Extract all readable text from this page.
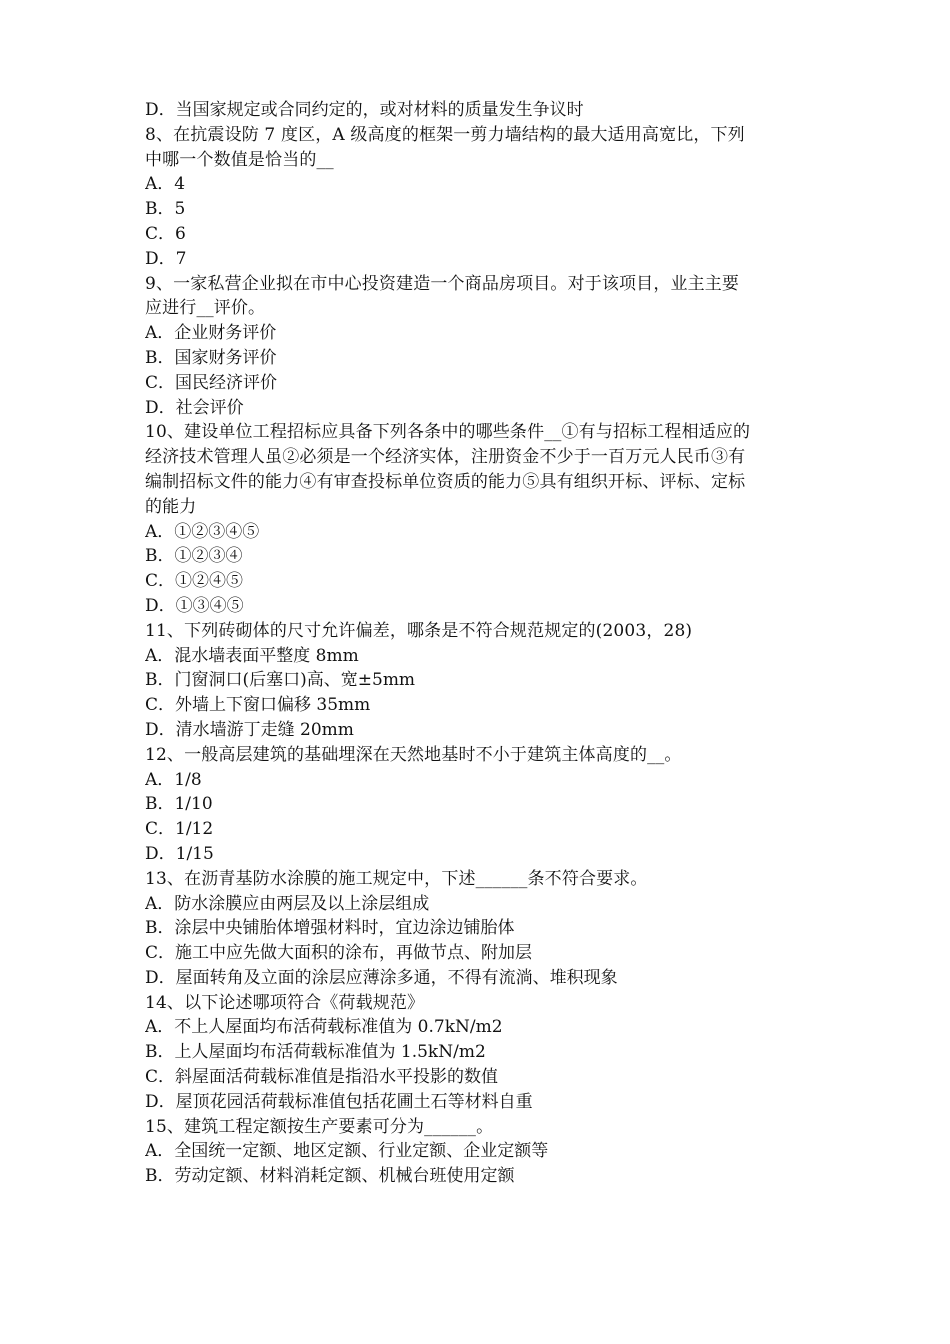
D．当国家规定或合同约定的，或对材料的质量发生争议时
8、在抗震设防 7 度区，A 级高度的框架一剪力墙结构的最大适用高宽比，下列
中哪一个数值是恰当的__
A．4
B．5
C．6
D．7
9、一家私营企业拟在市中心投资建造一个商品房项目。对于该项目，业主主要
应进行__评价。
A．企业财务评价
B．国家财务评价
C．国民经济评价
D．社会评价
10、建设单位工程招标应具备下列各条中的哪些条件__①有与招标工程相适应的
经济技术管理人虽②必须是一个经济实体，注册资金不少于一百万元人民币③有
编制招标文件的能力④有审查投标单位资质的能力⑤具有组织开标、评标、定标
的能力
A．①②③④⑤
B．①②③④
C．①②④⑤
D．①③④⑤
11、下列砖砌体的尺寸允许偏差，哪条是不符合规范规定的(2003，28)
A．混水墙表面平整度 8mm
B．门窗洞口(后塞口)高、宽±5mm
C．外墙上下窗口偏移 35mm
D．清水墙游丁走缝 20mm
12、一般高层建筑的基础埋深在天然地基时不小于建筑主体高度的__。
A．1/8
B．1/10
C．1/12
D．1/15
13、在沥青基防水涂膜的施工规定中，下述______条不符合要求。
A．防水涂膜应由两层及以上涂层组成
B．涂层中央铺胎体增强材料时，宜边涂边铺胎体
C．施工中应先做大面积的涂布，再做节点、附加层
D．屋面转角及立面的涂层应薄涂多通，不得有流淌、堆积现象
14、以下论述哪项符合《荷载规范》
A．不上人屋面均布活荷载标准值为 0.7kN/m2
B．上人屋面均布活荷载标准值为 1.5kN/m2
C．斜屋面活荷载标准值是指沿水平投影的数值
D．屋顶花园活荷载标准值包括花圃土石等材料自重
15、建筑工程定额按生产要素可分为______。
A．全国统一定额、地区定额、行业定额、企业定额等
B．劳动定额、材料消耗定额、机械台班使用定额
